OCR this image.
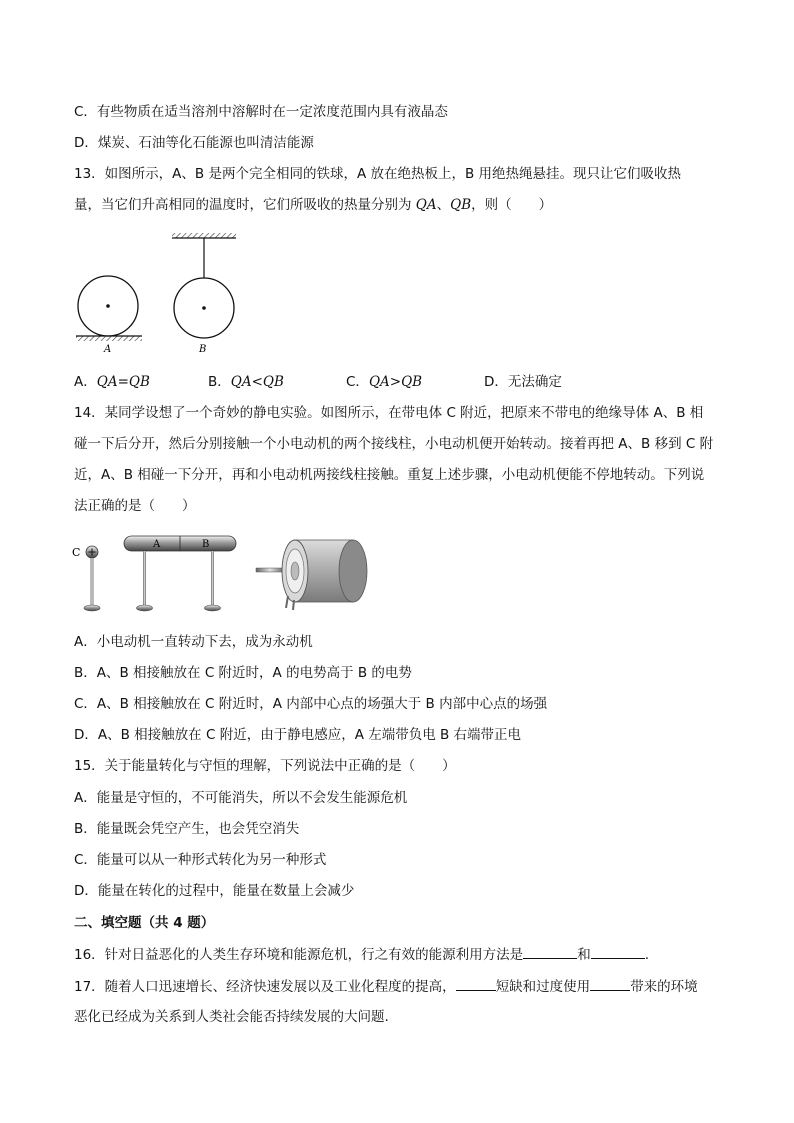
C．有些物质在适当溶剂中溶解时在一定浓度范围内具有液晶态
D．煤炭、石油等化石能源也叫清洁能源
13．如图所示，A、B 是两个完全相同的铁球，A 放在绝热板上，B 用绝热绳悬挂。现只让它们吸收热
量，当它们升高相同的温度时，它们所吸收的热量分别为 QA、QB，则（　　）
A	B
A．QA=QB	B．QA<QB	C．QA>QB	D．无法确定
14．某同学设想了一个奇妙的静电实验。如图所示，在带电体 C 附近，把原来不带电的绝缘导体 A、B 相碰一下后分开，然后分别接触一个小电动机的两个接线柱，小电动机便开始转动。接着再把 A、B 移到 C 附近，A、B 相碰一下分开，再和小电动机两接线柱接触。重复上述步骤，小电动机便能不停地转动。下列说法正确的是（　　）
C
A	B
A．小电动机一直转动下去，成为永动机
B．A、B 相接触放在 C 附近时，A 的电势高于 B 的电势
C．A、B 相接触放在 C 附近时，A 内部中心点的场强大于 B 内部中心点的场强
D．A、B 相接触放在 C 附近，由于静电感应，A 左端带负电 B 右端带正电
15．关于能量转化与守恒的理解，下列说法中正确的是（　　）
A．能量是守恒的，不可能消失，所以不会发生能源危机
B．能量既会凭空产生，也会凭空消失
C．能量可以从一种形式转化为另一种形式
D．能量在转化的过程中，能量在数量上会减少
二、填空题（共 4 题）
16．针对日益恶化的人类生存环境和能源危机，行之有效的能源利用方法是	和	.
17．随着人口迅速增长、经济快速发展以及工业化程度的提高，	短缺和过度使用	带来的环境
恶化已经成为关系到人类社会能否持续发展的大问题.
